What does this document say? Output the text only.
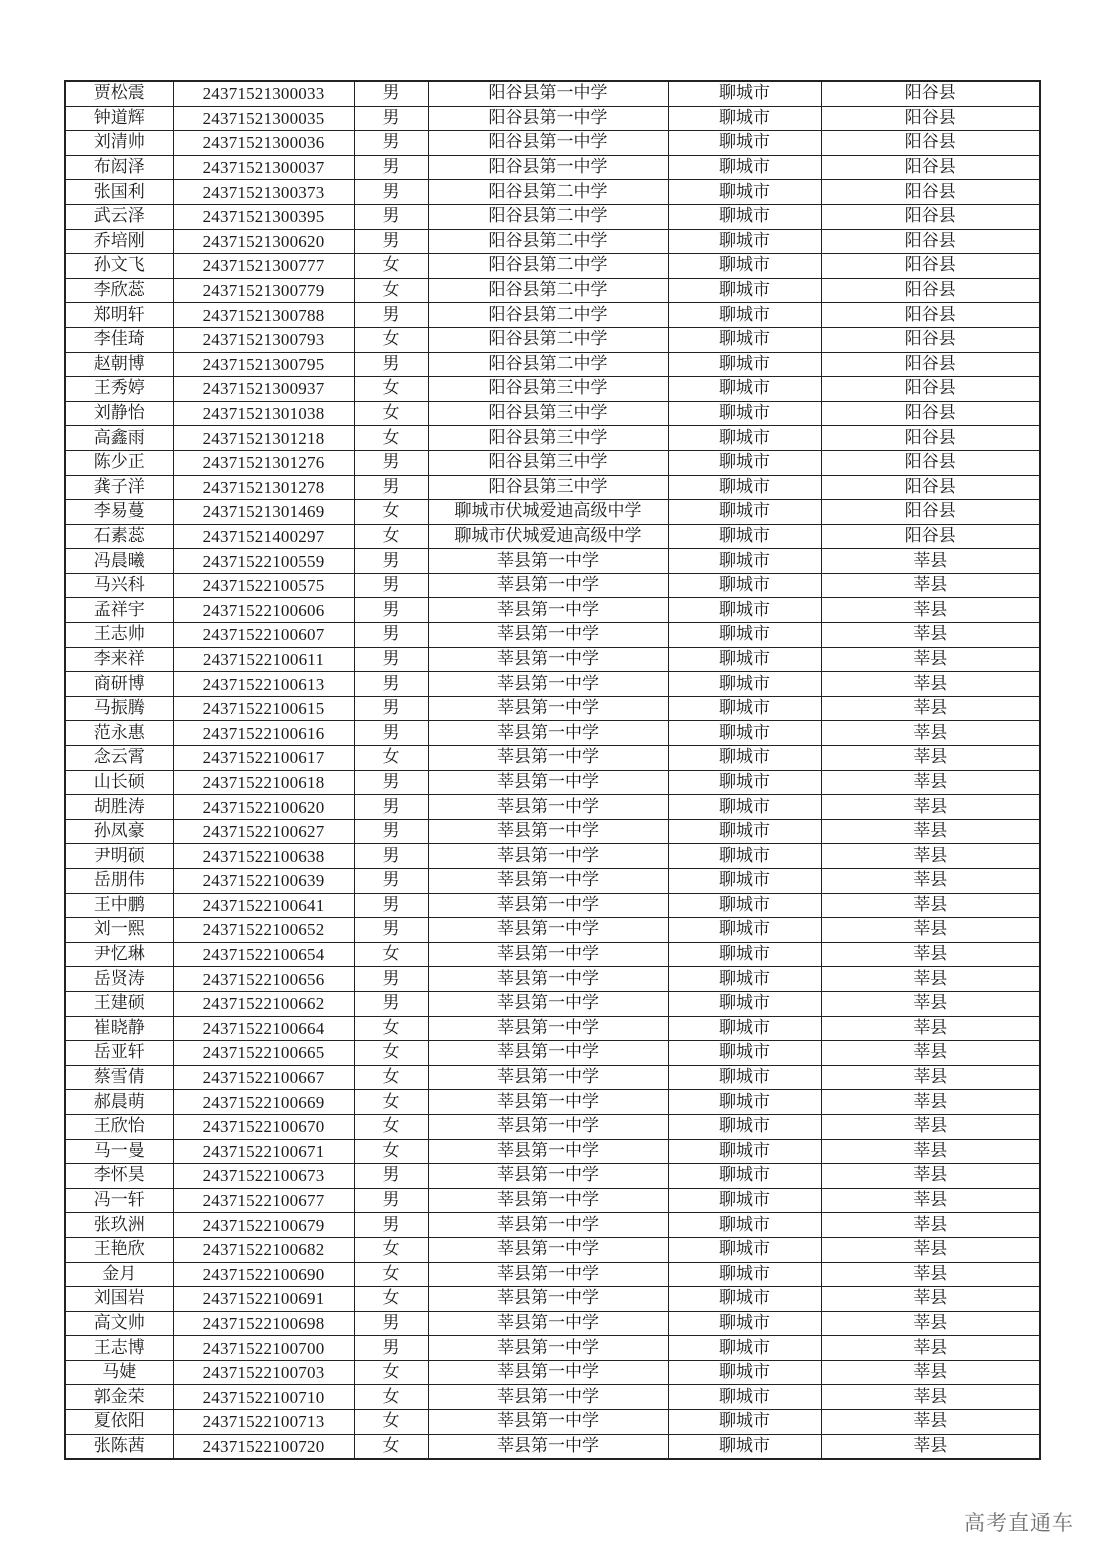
贾松震	24371521300033	男	阳谷县第一中学	聊城市	阳谷县
钟道辉	24371521300035	男	阳谷县第一中学	聊城市	阳谷县
刘清帅	24371521300036	男	阳谷县第一中学	聊城市	阳谷县
布闳泽	24371521300037	男	阳谷县第一中学	聊城市	阳谷县
张国利	24371521300373	男	阳谷县第二中学	聊城市	阳谷县
武云泽	24371521300395	男	阳谷县第二中学	聊城市	阳谷县
乔培刚	24371521300620	男	阳谷县第二中学	聊城市	阳谷县
孙文飞	24371521300777	女	阳谷县第二中学	聊城市	阳谷县
李欣蕊	24371521300779	女	阳谷县第二中学	聊城市	阳谷县
郑明轩	24371521300788	男	阳谷县第二中学	聊城市	阳谷县
李佳琦	24371521300793	女	阳谷县第二中学	聊城市	阳谷县
赵朝博	24371521300795	男	阳谷县第二中学	聊城市	阳谷县
王秀婷	24371521300937	女	阳谷县第三中学	聊城市	阳谷县
刘静怡	24371521301038	女	阳谷县第三中学	聊城市	阳谷县
高鑫雨	24371521301218	女	阳谷县第三中学	聊城市	阳谷县
陈少正	24371521301276	男	阳谷县第三中学	聊城市	阳谷县
龚子洋	24371521301278	男	阳谷县第三中学	聊城市	阳谷县
李易蔓	24371521301469	女	聊城市伏城爱迪高级中学	聊城市	阳谷县
石素蕊	24371521400297	女	聊城市伏城爱迪高级中学	聊城市	阳谷县
冯晨曦	24371522100559	男	莘县第一中学	聊城市	莘县
马兴科	24371522100575	男	莘县第一中学	聊城市	莘县
孟祥宇	24371522100606	男	莘县第一中学	聊城市	莘县
王志帅	24371522100607	男	莘县第一中学	聊城市	莘县
李来祥	24371522100611	男	莘县第一中学	聊城市	莘县
商研博	24371522100613	男	莘县第一中学	聊城市	莘县
马振腾	24371522100615	男	莘县第一中学	聊城市	莘县
范永惠	24371522100616	男	莘县第一中学	聊城市	莘县
念云霄	24371522100617	女	莘县第一中学	聊城市	莘县
山长硕	24371522100618	男	莘县第一中学	聊城市	莘县
胡胜涛	24371522100620	男	莘县第一中学	聊城市	莘县
孙凤豪	24371522100627	男	莘县第一中学	聊城市	莘县
尹明硕	24371522100638	男	莘县第一中学	聊城市	莘县
岳朋伟	24371522100639	男	莘县第一中学	聊城市	莘县
王中鹏	24371522100641	男	莘县第一中学	聊城市	莘县
刘一熙	24371522100652	男	莘县第一中学	聊城市	莘县
尹忆琳	24371522100654	女	莘县第一中学	聊城市	莘县
岳贤涛	24371522100656	男	莘县第一中学	聊城市	莘县
王建硕	24371522100662	男	莘县第一中学	聊城市	莘县
崔晓静	24371522100664	女	莘县第一中学	聊城市	莘县
岳亚轩	24371522100665	女	莘县第一中学	聊城市	莘县
蔡雪倩	24371522100667	女	莘县第一中学	聊城市	莘县
郝晨萌	24371522100669	女	莘县第一中学	聊城市	莘县
王欣怡	24371522100670	女	莘县第一中学	聊城市	莘县
马一曼	24371522100671	女	莘县第一中学	聊城市	莘县
李怀昊	24371522100673	男	莘县第一中学	聊城市	莘县
冯一轩	24371522100677	男	莘县第一中学	聊城市	莘县
张玖洲	24371522100679	男	莘县第一中学	聊城市	莘县
王艳欣	24371522100682	女	莘县第一中学	聊城市	莘县
金月	24371522100690	女	莘县第一中学	聊城市	莘县
刘国岩	24371522100691	女	莘县第一中学	聊城市	莘县
高文帅	24371522100698	男	莘县第一中学	聊城市	莘县
王志博	24371522100700	男	莘县第一中学	聊城市	莘县
马婕	24371522100703	女	莘县第一中学	聊城市	莘县
郭金荣	24371522100710	女	莘县第一中学	聊城市	莘县
夏依阳	24371522100713	女	莘县第一中学	聊城市	莘县
张陈茜	24371522100720	女	莘县第一中学	聊城市	莘县
高考直通车
